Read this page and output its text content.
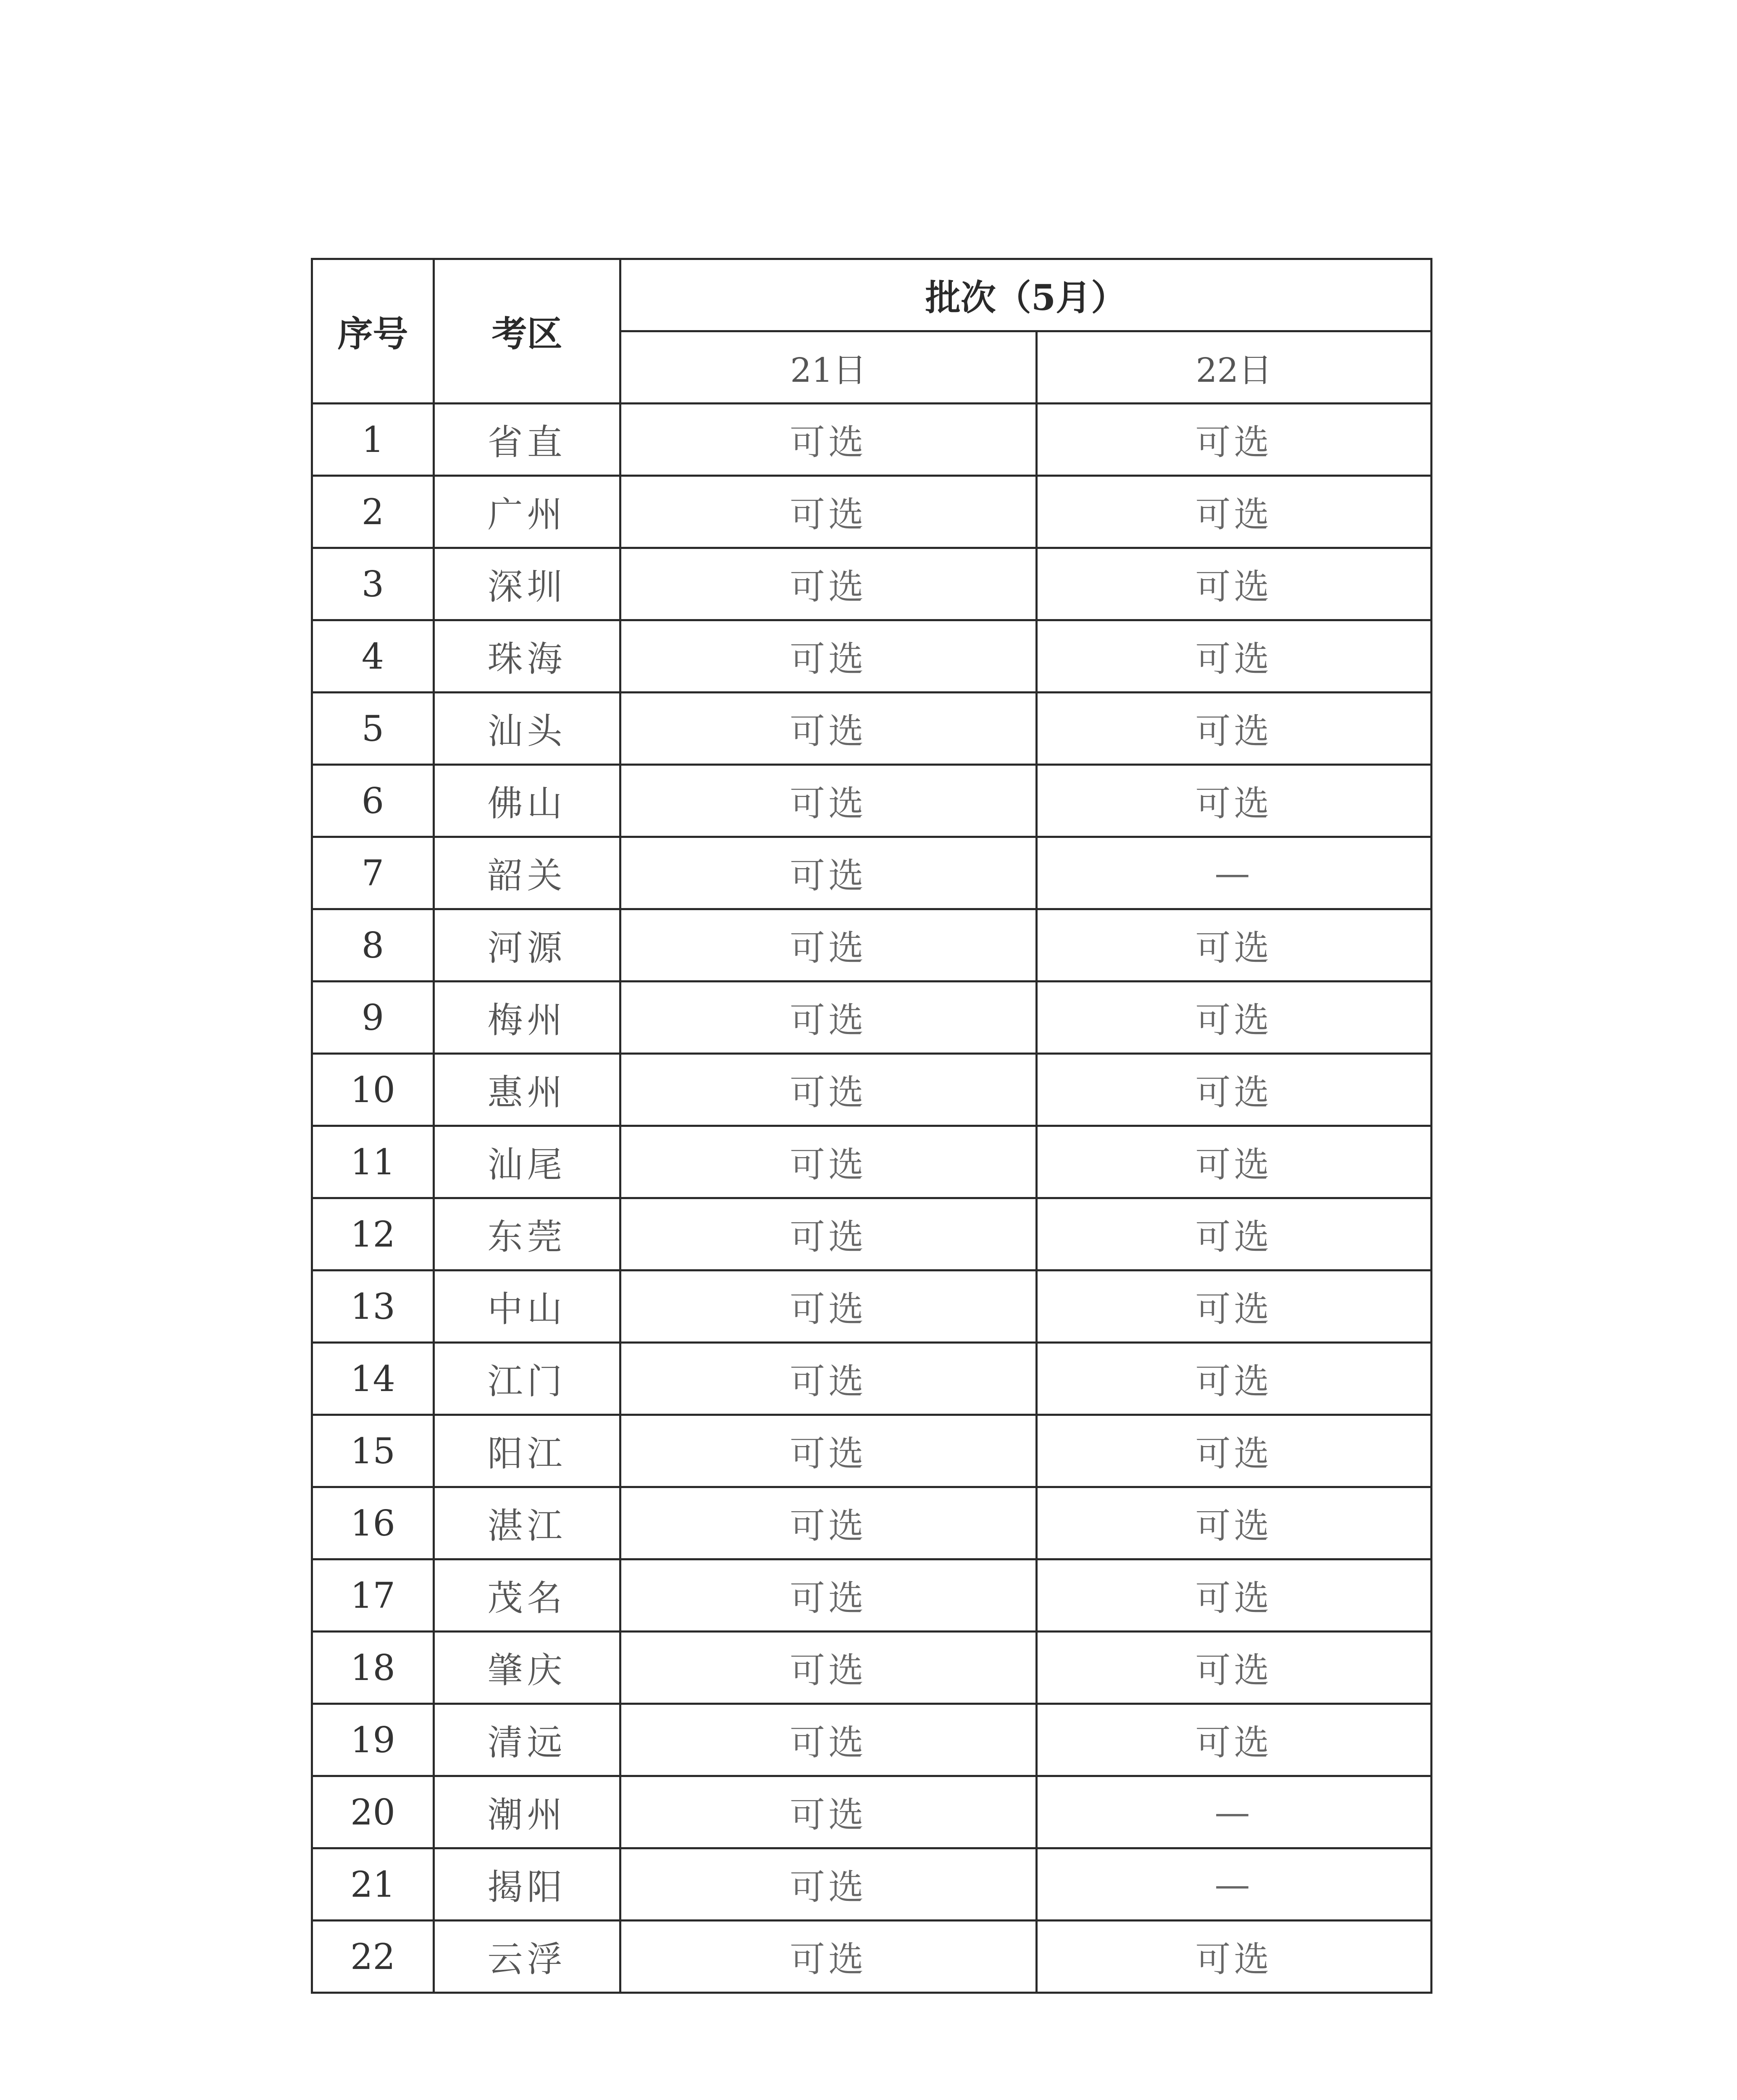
序号	考区	批次（5月）	
		21日	22日
1	省直	可选	可选
2	广州	可选	可选
3	深圳	可选	可选
4	珠海	可选	可选
5	汕头	可选	可选
6	佛山	可选	可选
7	韶关	可选	—
8	河源	可选	可选
9	梅州	可选	可选
10	惠州	可选	可选
11	汕尾	可选	可选
12	东莞	可选	可选
13	中山	可选	可选
14	江门	可选	可选
15	阳江	可选	可选
16	湛江	可选	可选
17	茂名	可选	可选
18	肇庆	可选	可选
19	清远	可选	可选
20	潮州	可选	—
21	揭阳	可选	—
22	云浮	可选	可选
